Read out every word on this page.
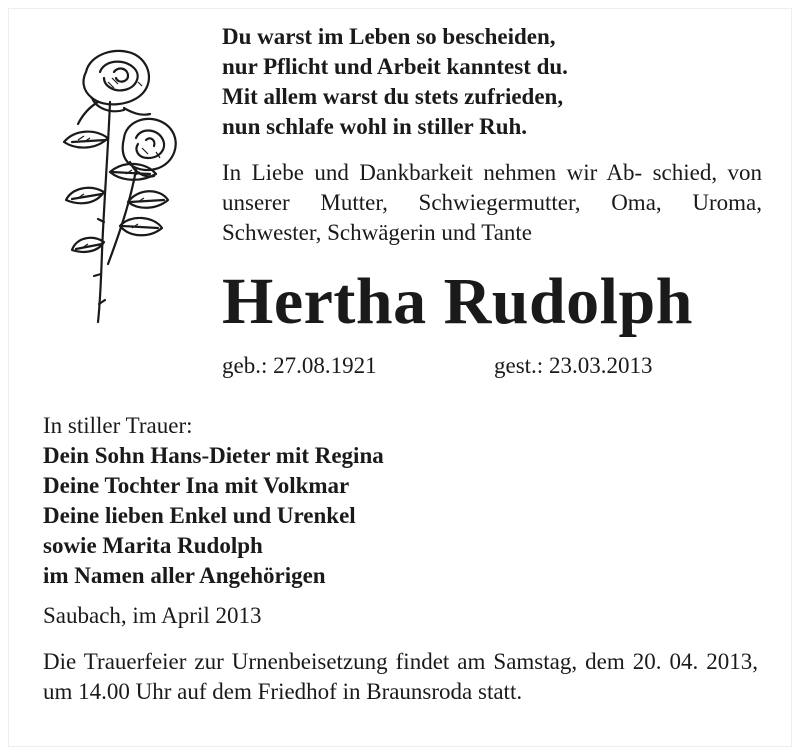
Du warst im Leben so bescheiden,
nur Pflicht und Arbeit kanntest du.
Mit allem warst du stets zufrieden,
nun schlafe wohl in stiller Ruh.
In Liebe und Dankbarkeit nehmen wir Ab- schied, von unserer Mutter, Schwiegermutter, Oma, Uroma, Schwester, Schwägerin und Tante
Hertha Rudolph
geb.: 27.08.1921	gest.: 23.03.2013
In stiller Trauer:
Dein Sohn Hans-Dieter mit Regina
Deine Tochter Ina mit Volkmar
Deine lieben Enkel und Urenkel
sowie Marita Rudolph
im Namen aller Angehörigen
Saubach, im April 2013
Die Trauerfeier zur Urnenbeisetzung findet am Samstag, dem 20. 04. 2013, um 14.00 Uhr auf dem Friedhof in Braunsroda statt.
